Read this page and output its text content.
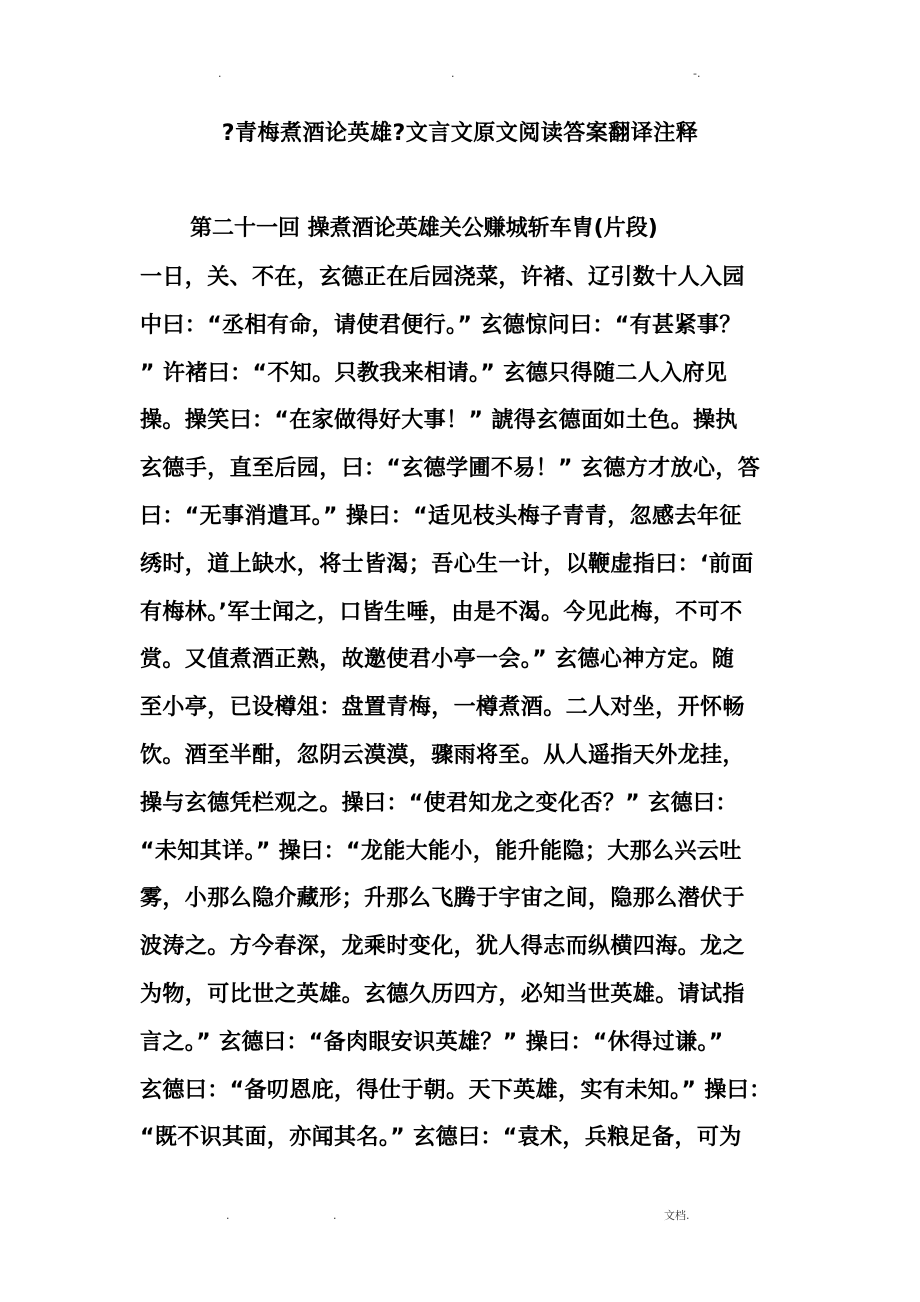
.	.	-.
?青梅煮酒论英雄?文言文原文阅读答案翻译注释
第二十一回 操煮酒论英雄关公赚城斩车胄(片段)
一日，关、不在，玄德正在后园浇菜，许褚、辽引数十人入园
中曰：“丞相有命，请使君便行。” 玄德惊问曰：“有甚紧事？
” 许褚曰：“不知。只教我来相请。” 玄德只得随二人入府见
操。操笑曰：“在家做得好大事！” 諕得玄德面如土色。操执
玄德手，直至后园，曰：“玄德学圃不易！” 玄德方才放心，答
曰：“无事消遣耳。” 操曰：“适见枝头梅子青青，忽感去年征
绣时，道上缺水，将士皆渴；吾心生一计，以鞭虚指曰：‘前面
有梅林。’军士闻之，口皆生唾，由是不渴。今见此梅，不可不
赏。又值煮酒正熟，故邀使君小亭一会。” 玄德心神方定。随
至小亭，已设樽俎：盘置青梅，一樽煮酒。二人对坐，开怀畅
饮。酒至半酣，忽阴云漠漠，骤雨将至。从人遥指天外龙挂，
操与玄德凭栏观之。操曰：“使君知龙之变化否？” 玄德曰：
“未知其详。” 操曰：“龙能大能小，能升能隐；大那么兴云吐
雾，小那么隐介藏形；升那么飞腾于宇宙之间，隐那么潜伏于
波涛之。方今春深，龙乘时变化，犹人得志而纵横四海。龙之
为物，可比世之英雄。玄德久历四方，必知当世英雄。请试指
言之。” 玄德曰：“备肉眼安识英雄？” 操曰：“休得过谦。”
玄德曰：“备叨恩庇，得仕于朝。天下英雄，实有未知。” 操曰：
“既不识其面，亦闻其名。” 玄德曰：“袁术，兵粮足备，可为
.	.	文档.
